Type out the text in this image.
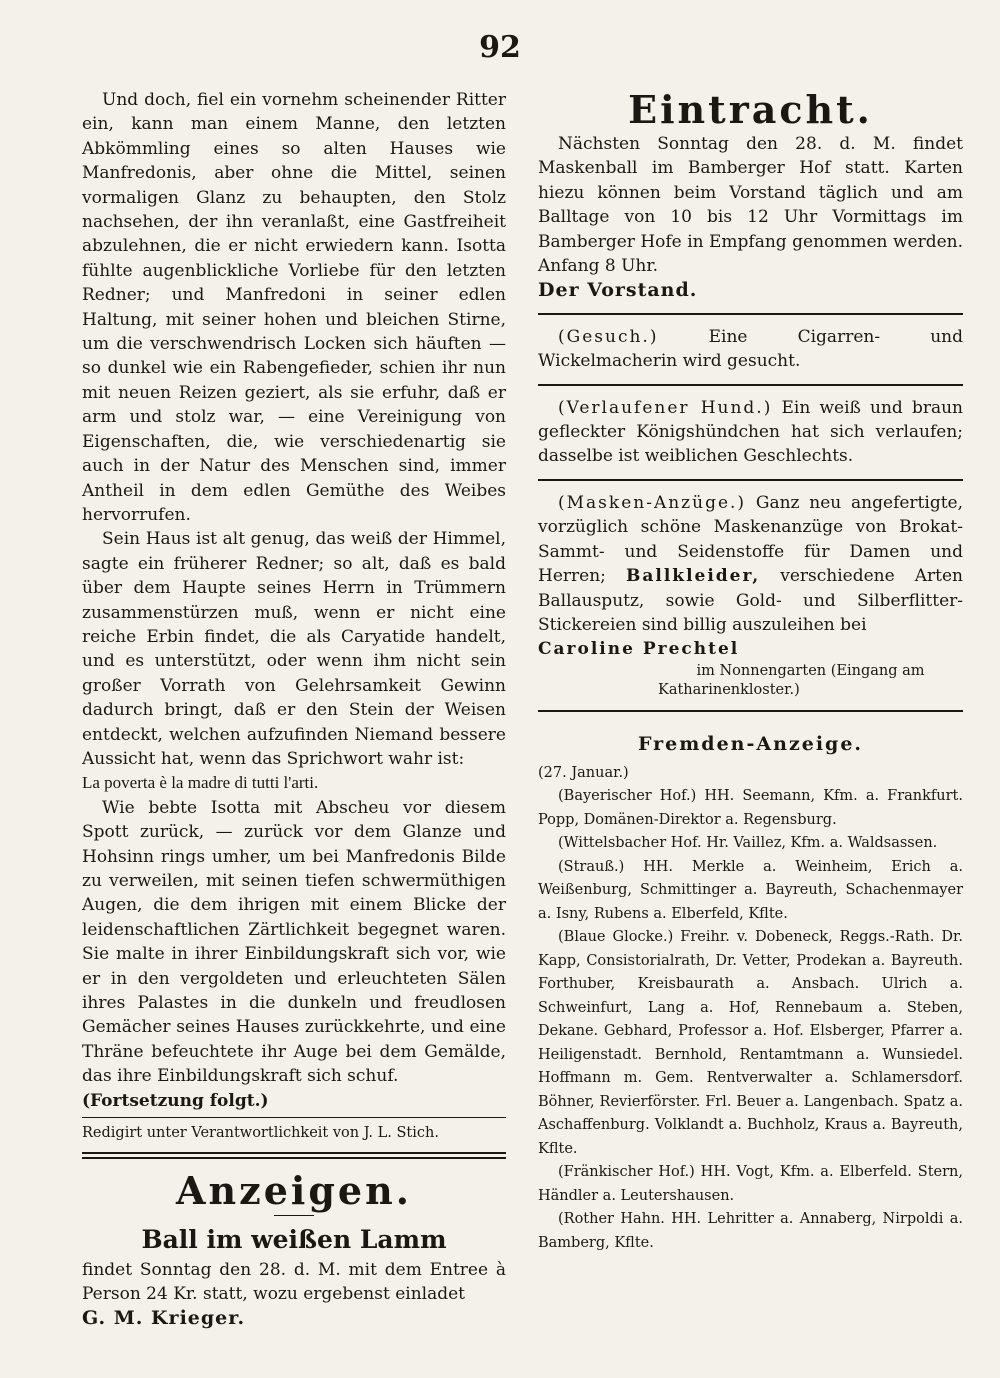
92

Und doch, fiel ein vornehm scheinender Ritter ein, kann man einem Manne, den letzten Abkömmling eines so alten Hauses wie Manfredonis, aber ohne die Mittel, seinen vormaligen Glanz zu behaupten, den Stolz nachsehen, der ihn veranlaßt, eine Gastfreiheit abzulehnen, die er nicht erwiedern kann. Isotta fühlte augenblickliche Vorliebe für den letzten Redner; und Manfredoni in seiner edlen Haltung, mit seiner hohen und bleichen Stirne, um die verschwendrisch Locken sich häuften — so dunkel wie ein Rabengefieder, schien ihr nun mit neuen Reizen geziert, als sie erfuhr, daß er arm und stolz war, — eine Vereinigung von Eigenschaften, die, wie verschiedenartig sie auch in der Natur des Menschen sind, immer Antheil in dem edlen Gemüthe des Weibes hervorrufen.

Sein Haus ist alt genug, das weiß der Himmel, sagte ein früherer Redner; so alt, daß es bald über dem Haupte seines Herrn in Trümmern zusammenstürzen muß, wenn er nicht eine reiche Erbin findet, die als Caryatide handelt, und es unterstützt, oder wenn ihm nicht sein großer Vorrath von Gelehrsamkeit Gewinn dadurch bringt, daß er den Stein der Weisen entdeckt, welchen aufzufinden Niemand bessere Aussicht hat, wenn das Sprichwort wahr ist:

La poverta è la madre di tutti l'arti.

Wie bebte Isotta mit Abscheu vor diesem Spott zurück, — zurück vor dem Glanze und Hohsinn rings umher, um bei Manfredonis Bilde zu verweilen, mit seinen tiefen schwermüthigen Augen, die dem ihrigen mit einem Blicke der leidenschaftlichen Zärtlichkeit begegnet waren. Sie malte in ihrer Einbildungskraft sich vor, wie er in den vergoldeten und erleuchteten Sälen ihres Palastes in die dunkeln und freudlosen Gemächer seines Hauses zurückkehrte, und eine Thräne befeuchtete ihr Auge bei dem Gemälde, das ihre Einbildungskraft sich schuf.

(Fortsetzung folgt.)

Redigirt unter Verantwortlichkeit von J. L. Stich.

Anzeigen.

Ball im weißen Lamm

findet Sonntag den 28. d. M. mit dem Entree à Person 24 Kr. statt, wozu ergebenst einladet

G. M. Krieger.

Eintracht.

Nächsten Sonntag den 28. d. M. findet Maskenball im Bamberger Hof statt. Karten hiezu können beim Vorstand täglich und am Balltage von 10 bis 12 Uhr Vormittags im Bamberger Hofe in Empfang genommen werden. Anfang 8 Uhr.

Der Vorstand.

(Gesuch.)	Eine Cigarren- und Wickelmacherin wird gesucht.

(Verlaufener Hund.) Ein weiß und braun gefleckter Königshündchen hat sich verlaufen; dasselbe ist weiblichen Geschlechts.

(Masken-Anzüge.) Ganz neu angefertigte, vorzüglich schöne Maskenanzüge von Brokat-Sammt- und Seidenstoffe für Damen und Herren; Ballkleider, verschiedene Arten Ballausputz, sowie Gold- und Silberflitter-Stickereien sind billig auszuleihen bei

Caroline Prechtel

im Nonnengarten (Eingang am Katharinenkloster.)

Fremden-Anzeige.

(27. Januar.)

(Bayerischer Hof.) HH. Seemann, Kfm. a. Frankfurt. Popp, Domänen-Direktor a. Regensburg.

(Wittelsbacher Hof. Hr. Vaillez, Kfm. a. Waldsassen.

(Strauß.) HH. Merkle a. Weinheim, Erich a. Weißenburg, Schmittinger a. Bayreuth, Schachenmayer a. Isny, Rubens a. Elberfeld, Kflte.

(Blaue Glocke.) Freihr. v. Dobeneck, Reggs.-Rath. Dr. Kapp, Consistorialrath, Dr. Vetter, Prodekan a. Bayreuth. Forthuber, Kreisbaurath a. Ansbach. Ulrich a. Schweinfurt, Lang a. Hof, Rennebaum a. Steben, Dekane. Gebhard, Professor a. Hof. Elsberger, Pfarrer a. Heiligenstadt. Bernhold, Rentamtmann a. Wunsiedel. Hoffmann m. Gem. Rentverwalter a. Schlamersdorf. Böhner, Revierförster. Frl. Beuer a. Langenbach. Spatz a. Aschaffenburg. Volklandt a. Buchholz, Kraus a. Bayreuth, Kflte.

(Fränkischer Hof.) HH. Vogt, Kfm. a. Elberfeld. Stern, Händler a. Leutershausen.

(Rother Hahn. HH. Lehritter a. Annaberg, Nirpoldi a. Bamberg, Kflte.
